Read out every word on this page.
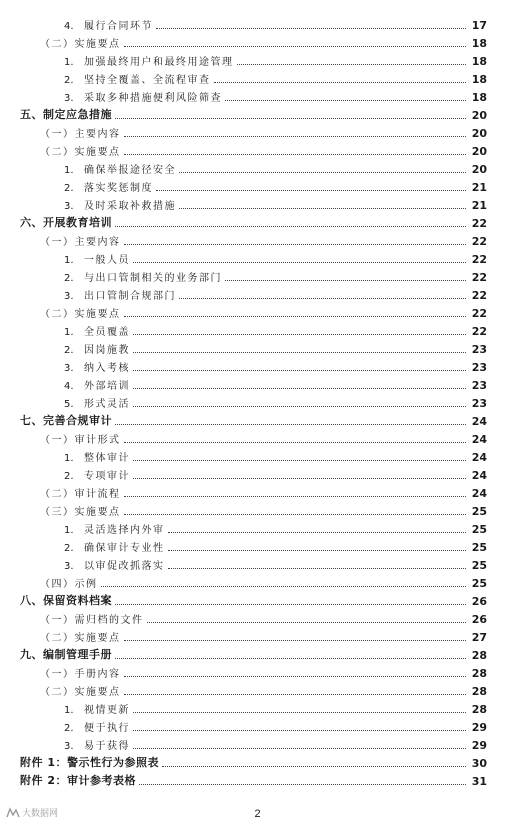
4.	履行合同环节	17
（二）实施要点	18
1.	加强最终用户和最终用途管理	18
2.	坚持全覆盖、全流程审查	18
3.	采取多种措施便利风险筛查	18
五、制定应急措施	20
（一）主要内容	20
（二）实施要点	20
1.	确保举报途径安全	20
2.	落实奖惩制度	21
3.	及时采取补救措施	21
六、开展教育培训	22
（一）主要内容	22
1.	一般人员	22
2.	与出口管制相关的业务部门	22
3.	出口管制合规部门	22
（二）实施要点	22
1.	全员覆盖	22
2.	因岗施教	23
3.	纳入考核	23
4.	外部培训	23
5.	形式灵活	23
七、完善合规审计	24
（一）审计形式	24
1.	整体审计	24
2.	专项审计	24
（二）审计流程	24
（三）实施要点	25
1.	灵活选择内外审	25
2.	确保审计专业性	25
3.	以审促改抓落实	25
（四）示例	25
八、保留资料档案	26
（一）需归档的文件	26
（二）实施要点	27
九、编制管理手册	28
（一）手册内容	28
（二）实施要点	28
1.	视情更新	28
2.	便于执行	29
3.	易于获得	29
附件 1：警示性行为参照表	30
附件 2：审计参考表格	31
2
大数据网
